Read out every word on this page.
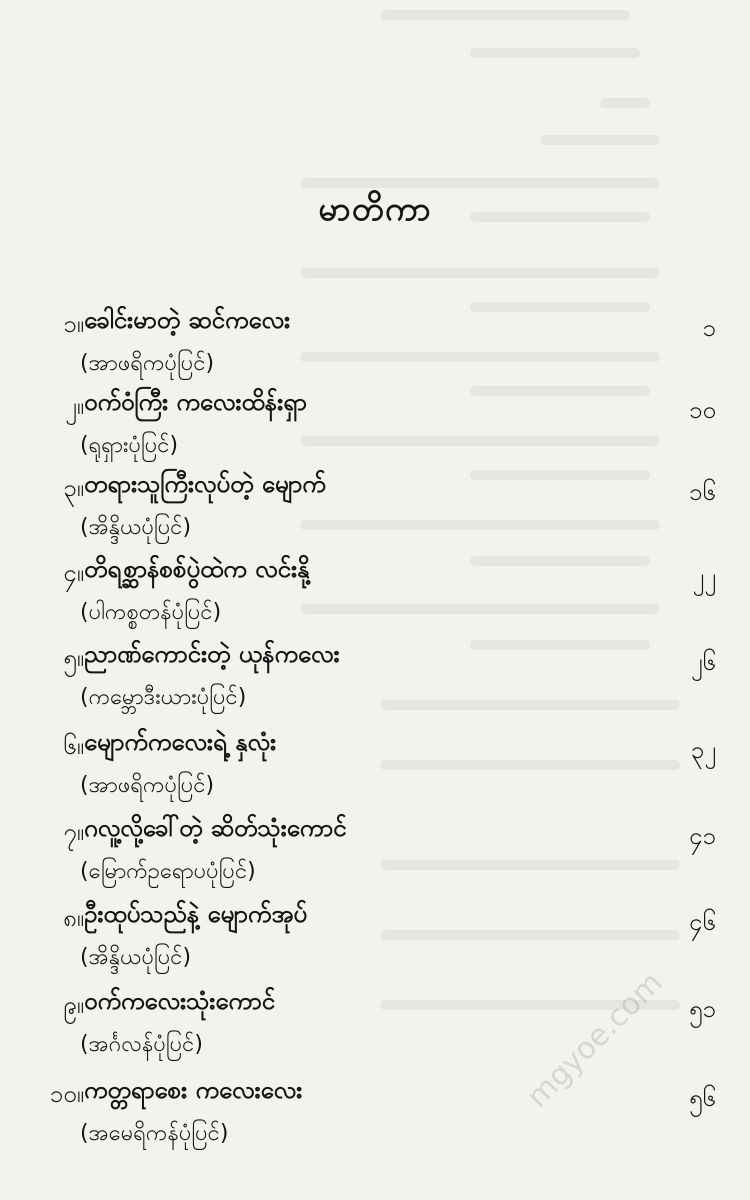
မာတိကာ
၁။ ခေါင်းမာတဲ့ ဆင်ကလေး
(အာဖရိကပုံပြင်)
၁
၂။ ဝက်ဝံကြီး ကလေးထိန်းရှာ
(ရုရှားပုံပြင်)
၁၀
၃။ တရားသူကြီးလုပ်တဲ့ မျောက်
(အိန္ဒိယပုံပြင်)
၁၆
၄။ တိရစ္ဆာန်စစ်ပွဲထဲက လင်းနို့
(ပါကစ္စတန်ပုံပြင်)
၂၂
၅။ ညာဏ်ကောင်းတဲ့ ယုန်ကလေး
(ကမ္ဘောဒီးယားပုံပြင်)
၂၆
၆။ မျောက်ကလေးရဲ့ နှလုံး
(အာဖရိကပုံပြင်)
၃၂
၇။ ဂလူ့လို့ခေါ်တဲ့ ဆိတ်သုံးကောင်
(မြောက်ဥရောပပုံပြင်)
၄၁
၈။ ဦးထုပ်သည်နဲ့ မျောက်အုပ်
(အိန္ဒိယပုံပြင်)
၄၆
၉။ ဝက်ကလေးသုံးကောင်
(အင်္ဂလန်ပုံပြင်)
၅၁
၁၀။ ကတ္တရာစေး ကလေးလေး
(အမေရိကန်ပုံပြင်)
၅၆
mgyoe.com
